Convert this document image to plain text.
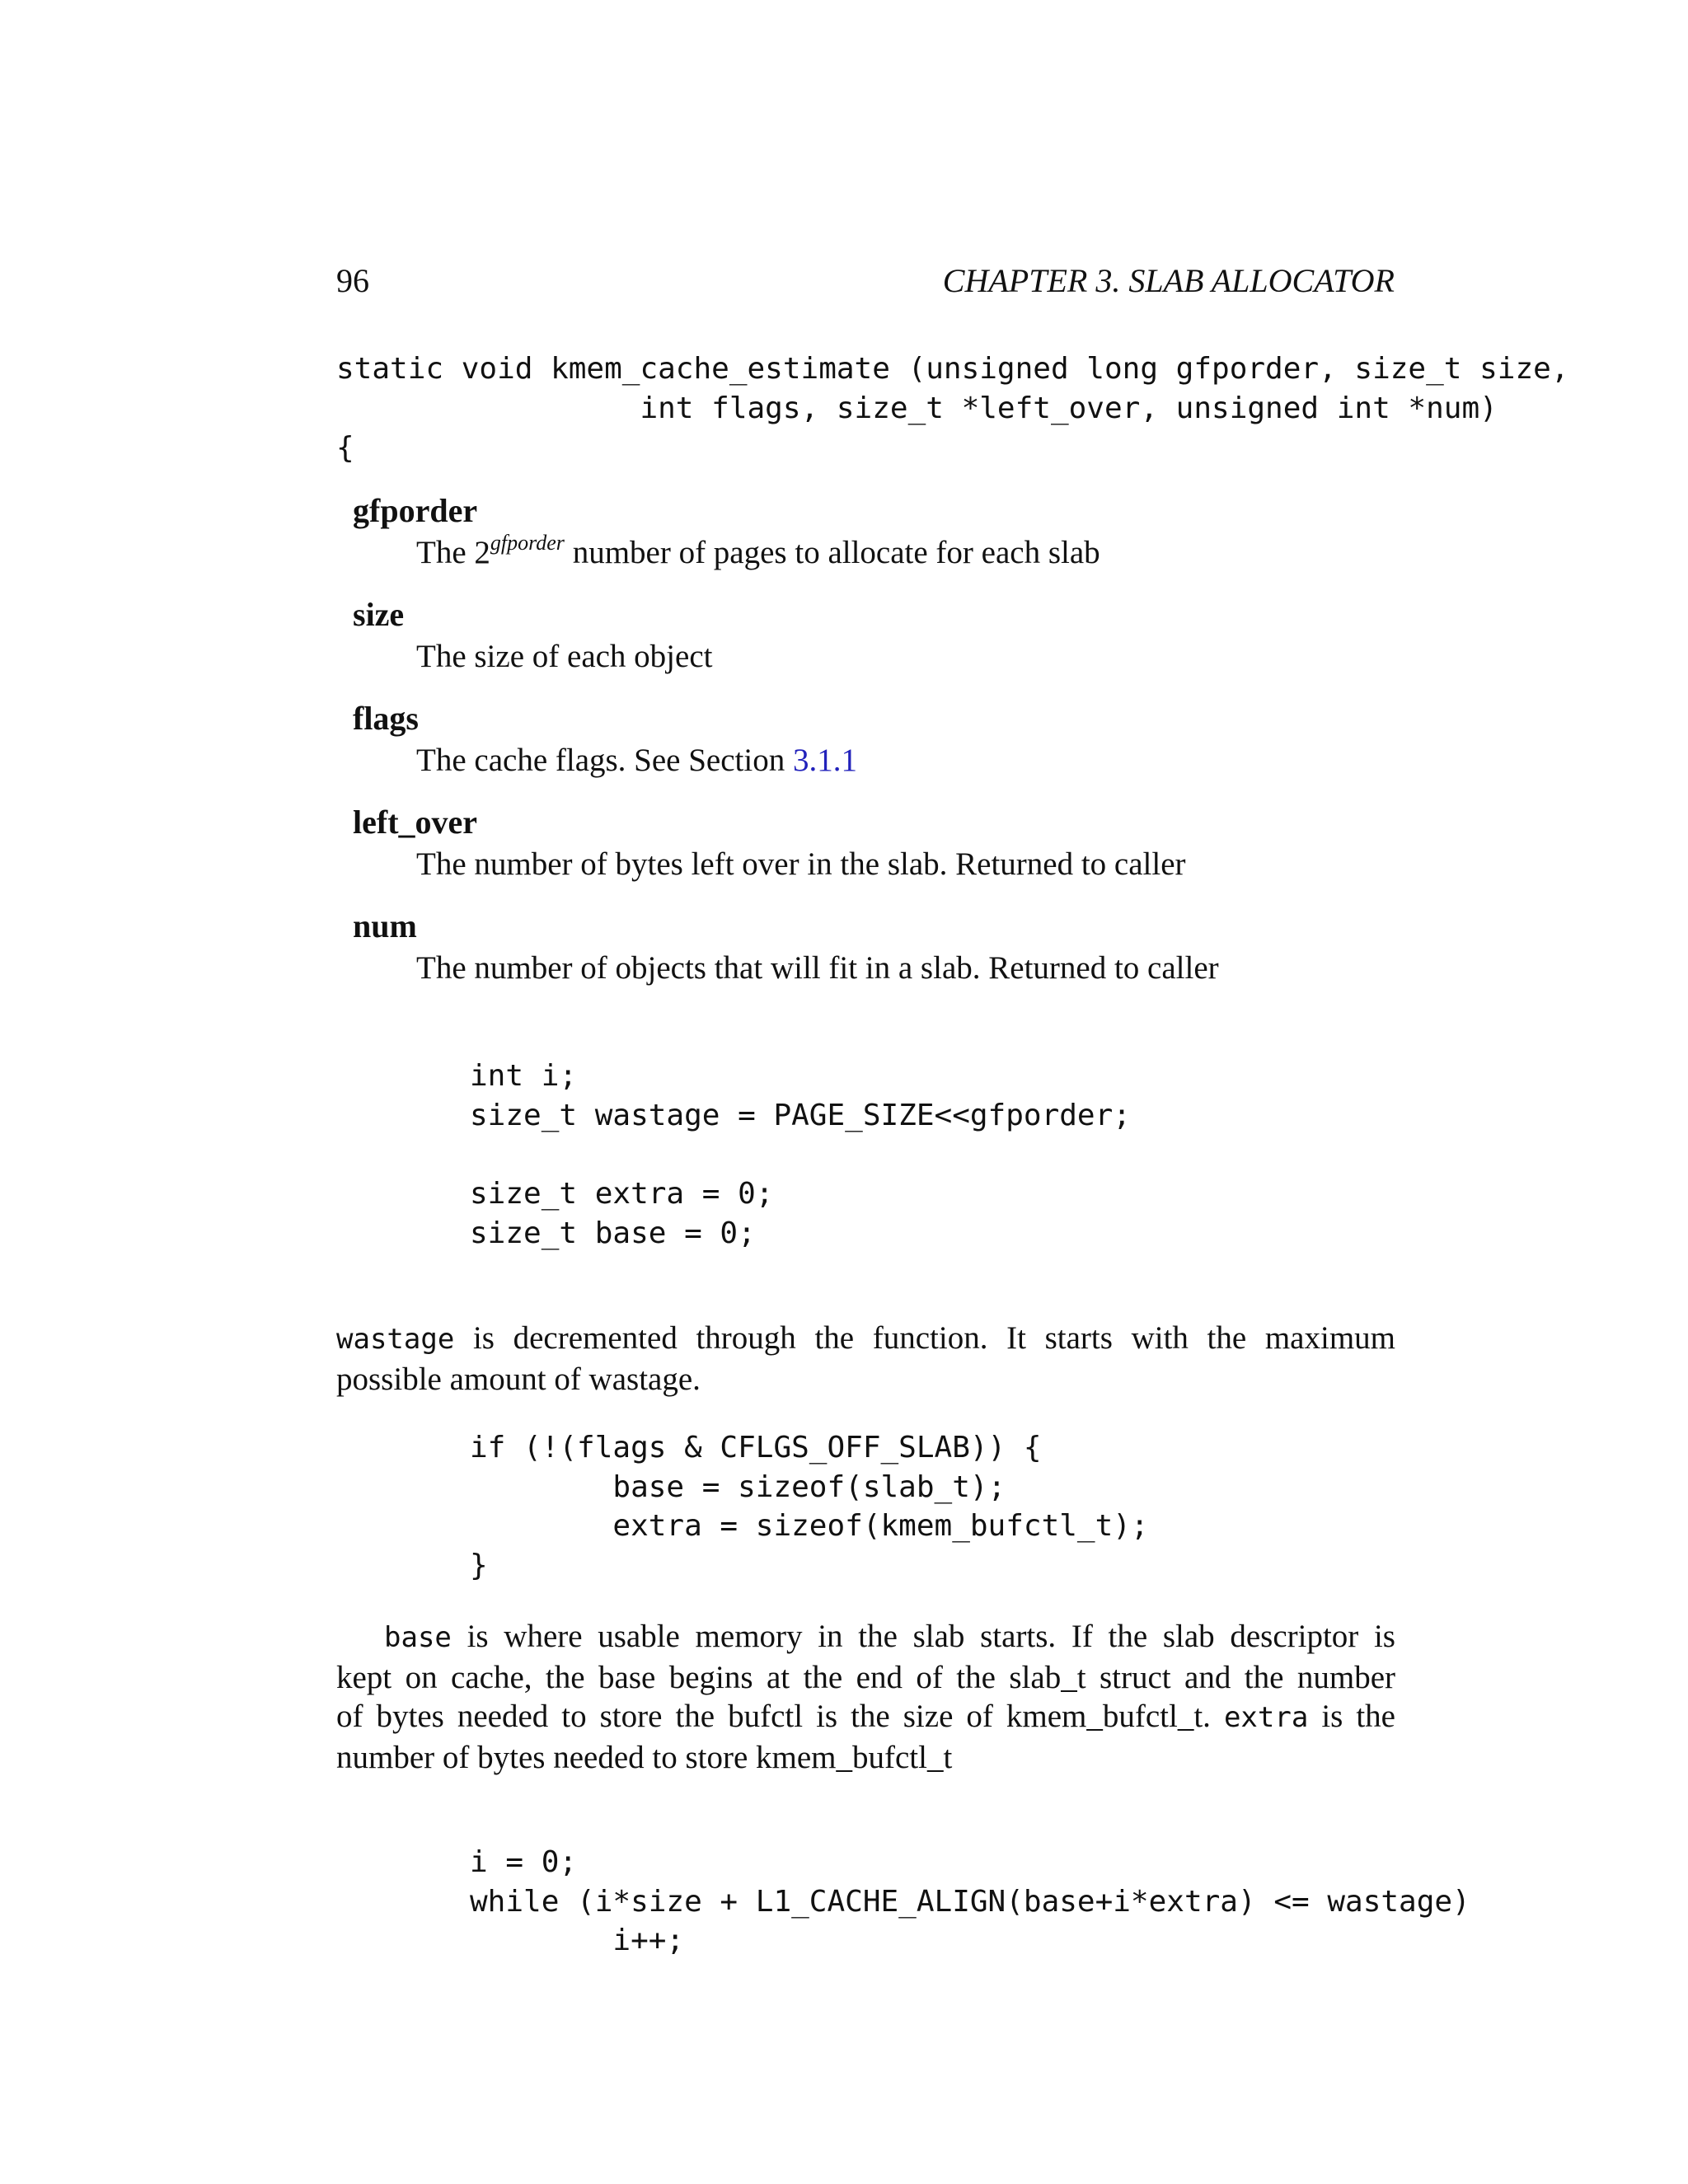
96	CHAPTER 3. SLAB ALLOCATOR
static void kmem_cache_estimate (unsigned long gfporder, size_t size,
int flags, size_t *left_over, unsigned int *num)
{
gfporder
The $2^{gfporder}$ number of pages to allocate for each slab
size
The size of each object
flags
The cache flags. See Section 3.1.1
left_over
The number of bytes left over in the slab. Returned to caller
num
The number of objects that will fit in a slab. Returned to caller
int i;
size_t wastage = PAGE_SIZE<<gfporder;
size_t extra = 0;
size_t base = 0;
wastage is decremented through the function. It starts with the maximum
possible amount of wastage.
if (!(flags & CFLGS_OFF_SLAB)) {
base = sizeof(slab_t);
extra = sizeof(kmem_bufctl_t);
}
base is where usable memory in the slab starts. If the slab descriptor is
kept on cache, the base begins at the end of the slab_t struct and the number
of bytes needed to store the bufctl is the size of kmem_bufctl_t. extra is the
number of bytes needed to store kmem_bufctl_t
i = 0;
while (i*size + L1_CACHE_ALIGN(base+i*extra) <= wastage)
i++;
